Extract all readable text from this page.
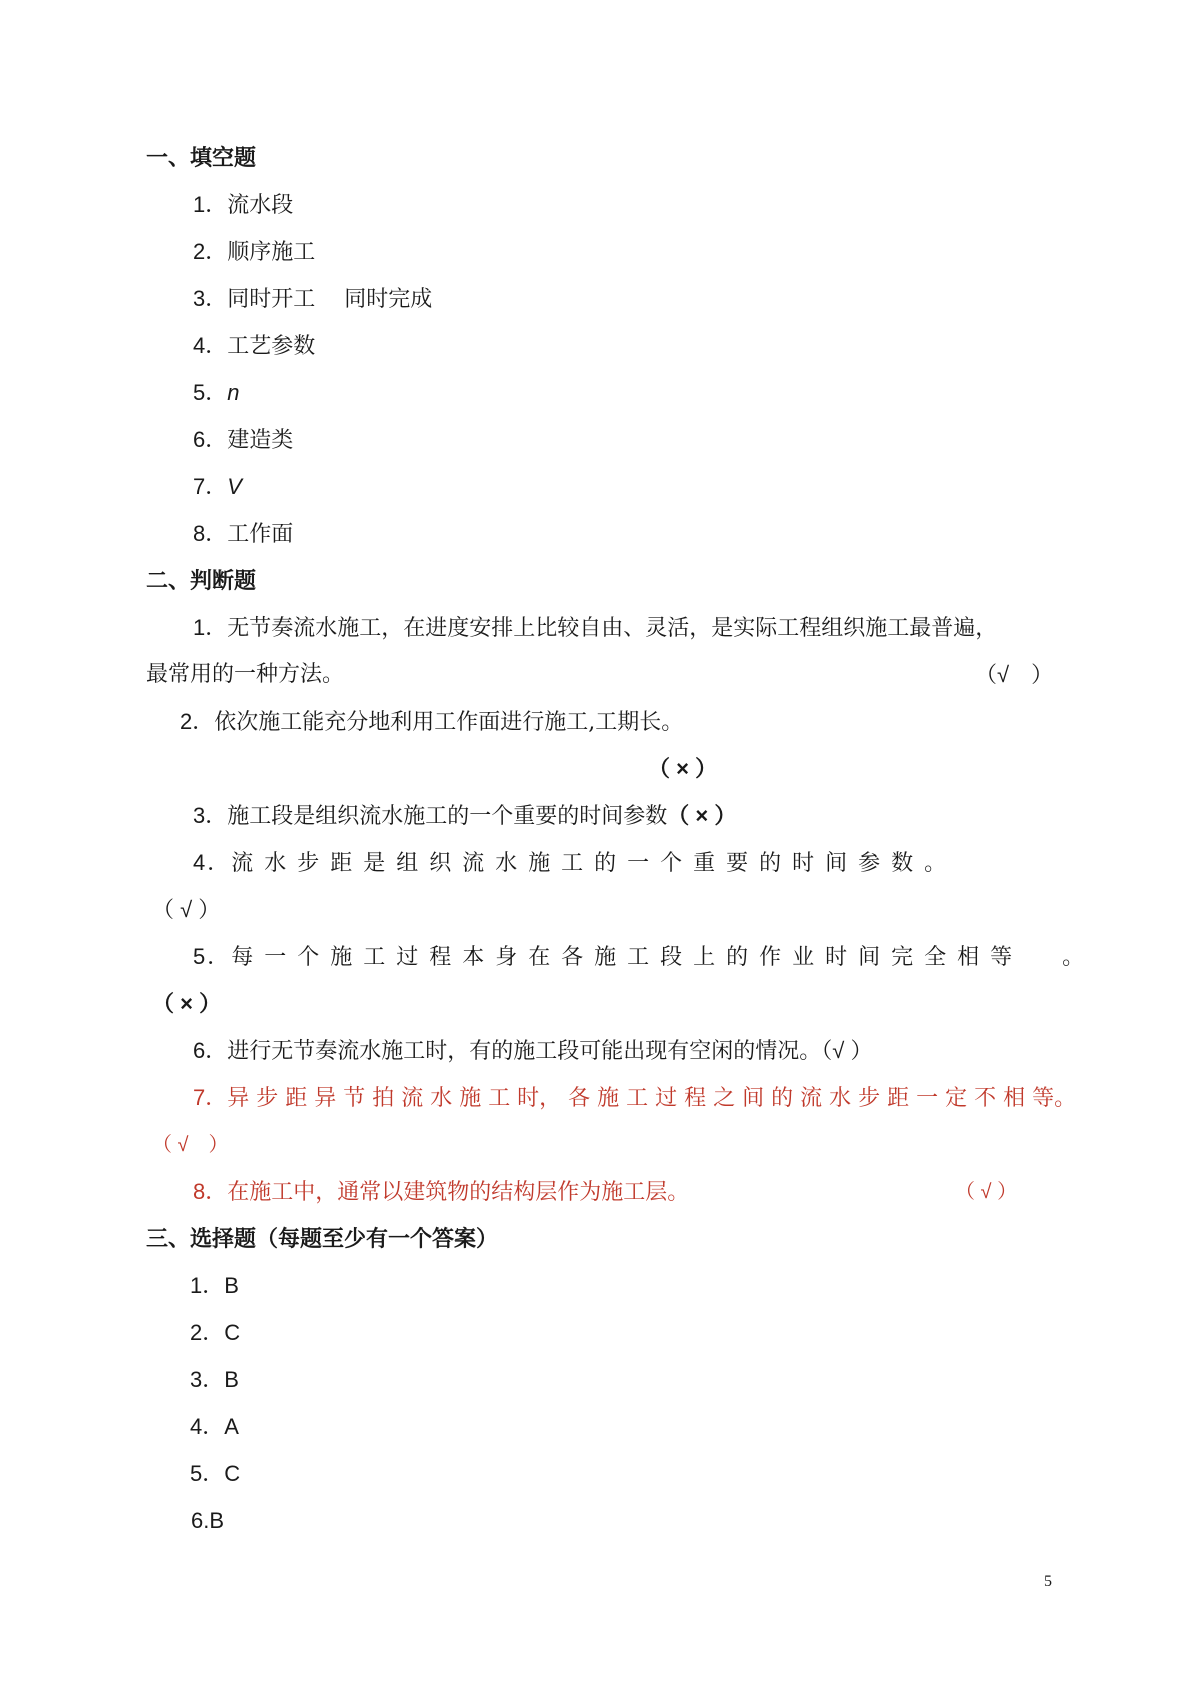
一、填空题
1．流水段
2．顺序施工
3．同时开工　 同时完成
4．工艺参数
5．n
6．建造类
7．V
8．工作面
二、判断题
1．无节奏流水施工，在进度安排上比较自由、灵活，是实际工程组织施工最普遍，
最常用的一种方法。	（√　）
2．依次施工能充分地利用工作面进行施工,工期长。
（ × ）
3．施工段是组织流水施工的一个重要的时间参数（ × ）
4．流 水 步 距 是 组 织 流 水 施 工 的 一 个 重 要 的 时 间 参 数 。
（ √ ）
5．每 一 个 施 工 过 程 本 身 在 各 施 工 段 上 的 作 业 时 间 完 全 相 等　　。
（ × ）
6．进行无节奏流水施工时，有的施工段可能出现有空闲的情况。（√ ）
7．异 步 距 异 节 拍 流 水 施 工 时， 各 施 工 过 程 之 间 的 流 水 步 距 一 定 不 相 等。
（ √　）
8．在施工中，通常以建筑物的结构层作为施工层。	（ √ ）
三、选择题（每题至少有一个答案）
1．B
2．C
3．B
4．A
5．C
6.B
5
